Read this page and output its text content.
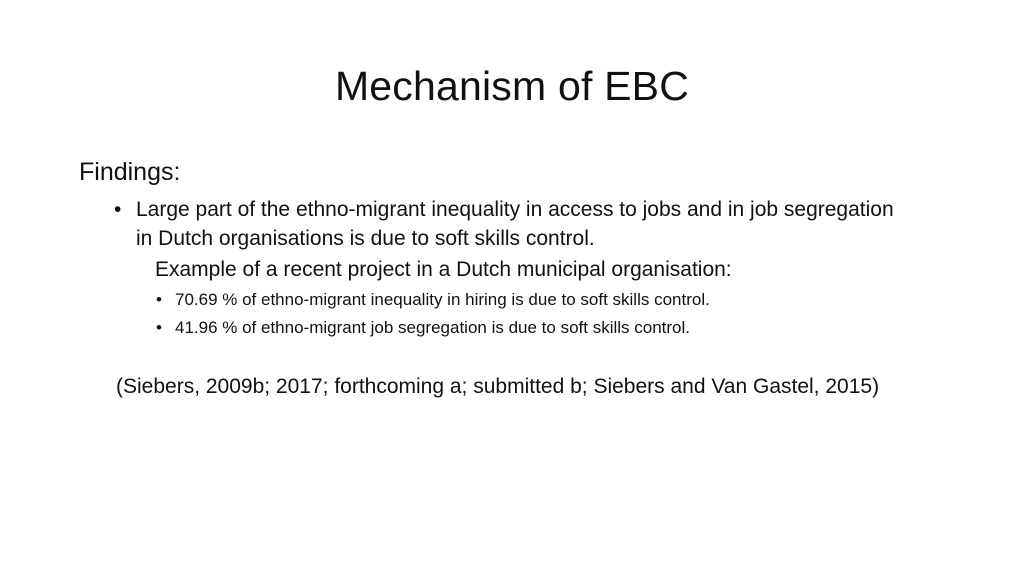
Mechanism of EBC
Findings:
• Large part of the ethno-migrant inequality in access to jobs and in job segregation in Dutch organisations is due to soft skills control.
Example of a recent project in a Dutch municipal organisation:
• 70.69 % of ethno-migrant inequality in hiring is due to soft skills control.
• 41.96 % of ethno-migrant job segregation is due to soft skills control.
(Siebers, 2009b; 2017; forthcoming a; submitted b; Siebers and Van Gastel, 2015)
